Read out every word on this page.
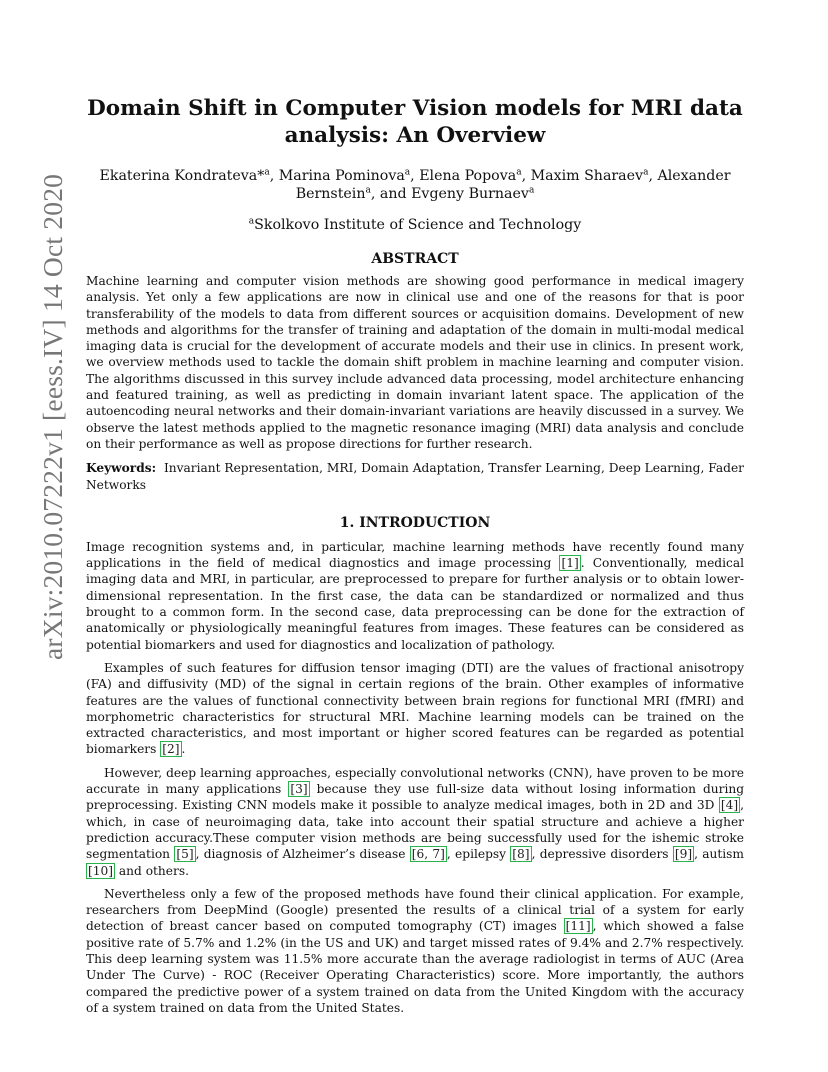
arXiv:2010.07222v1 [eess.IV] 14 Oct 2020
Domain Shift in Computer Vision models for MRI data analysis: An Overview
Ekaterina Kondrateva*$^a$, Marina Pominova$^a$, Elena Popova$^a$, Maxim Sharaev$^a$, Alexander
Bernstein$^a$, and Evgeny Burnaev$^a$
$^a$Skolkovo Institute of Science and Technology
ABSTRACT

Machine learning and computer vision methods are showing good performance in medical imagery analysis. Yet only a few applications are now in clinical use and one of the reasons for that is poor transferability of the models to data from different sources or acquisition domains. Development of new methods and algorithms for the transfer of training and adaptation of the domain in multi-modal medical imaging data is crucial for the development of accurate models and their use in clinics. In present work, we overview methods used to tackle the domain shift problem in machine learning and computer vision. The algorithms discussed in this survey include advanced data processing, model architecture enhancing and featured training, as well as predicting in domain invariant latent space. The application of the autoencoding neural networks and their domain-invariant variations are heavily discussed in a survey. We observe the latest methods applied to the magnetic resonance imaging (MRI) data analysis and conclude on their performance as well as propose directions for further research.

Keywords: Invariant Representation, MRI, Domain Adaptation, Transfer Learning, Deep Learning, Fader Networks

1. INTRODUCTION

Image recognition systems and, in particular, machine learning methods have recently found many applications in the field of medical diagnostics and image processing [1] . Conventionally, medical imaging data and MRI, in particular, are preprocessed to prepare for further analysis or to obtain lower-dimensional representation. In the first case, the data can be standardized or normalized and thus brought to a common form. In the second case, data preprocessing can be done for the extraction of anatomically or physiologically meaningful features from images. These features can be considered as potential biomarkers and used for diagnostics and localization of pathology.

Examples of such features for diffusion tensor imaging (DTI) are the values of fractional anisotropy (FA) and diffusivity (MD) of the signal in certain regions of the brain. Other examples of informative features are the values of functional connectivity between brain regions for functional MRI (fMRI) and morphometric characteristics for structural MRI. Machine learning models can be trained on the extracted characteristics, and most important or higher scored features can be regarded as potential biomarkers [2] .

However, deep learning approaches, especially convolutional networks (CNN), have proven to be more accurate in many applications [3] because they use full-size data without losing information during preprocessing. Existing CNN models make it possible to analyze medical images, both in 2D and 3D [4] , which, in case of neuroimaging data, take into account their spatial structure and achieve a higher prediction accuracy.These computer vision methods are being successfully used for the ishemic stroke segmentation [5] , diagnosis of Alzheimer’s disease [6, 7] , epilepsy [8] , depressive disorders [9] , autism [10] and others.

Nevertheless only a few of the proposed methods have found their clinical application. For example, researchers from DeepMind (Google) presented the results of a clinical trial of a system for early detection of breast cancer based on computed tomography (CT) images [11] , which showed a false positive rate of 5.7% and 1.2% (in the US and UK) and target missed rates of 9.4% and 2.7% respectively. This deep learning system was 11.5% more accurate than the average radiologist in terms of AUC (Area Under The Curve) - ROC (Receiver Operating Characteristics) score. More importantly, the authors compared the predictive power of a system trained on data from the United Kingdom with the accuracy of a system trained on data from the United States.
